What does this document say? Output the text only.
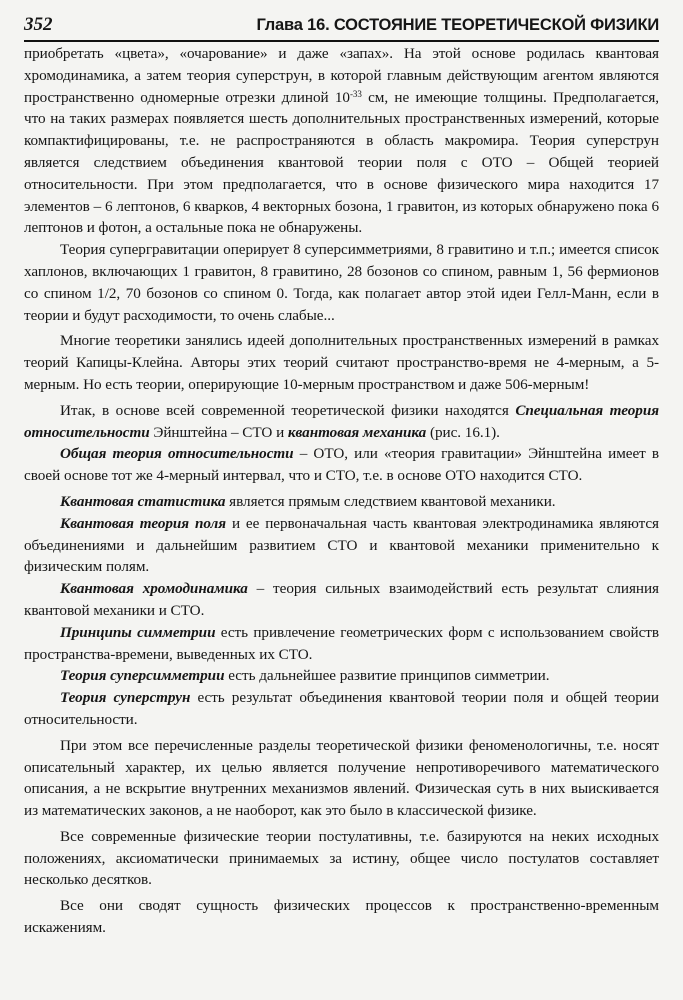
352	Глава 16. СОСТОЯНИЕ ТЕОРЕТИЧЕСКОЙ ФИЗИКИ

приобретать «цвета», «очарование» и даже «запах». На этой основе родилась квантовая хромодинамика, а затем теория суперструн, в которой главным действующим агентом являются пространственно одномерные отрезки длиной $10^{-33}$ см, не имеющие толщины. Предполагается, что на таких размерах появляется шесть дополнительных пространственных измерений, которые компактифицированы, т.е. не распространяются в область макромира. Теория суперструн является следствием объединения квантовой теории поля с ОТО – Общей теорией относительности. При этом предполагается, что в основе физического мира находится 17 элементов – 6 лептонов, 6 кварков, 4 векторных бозона, 1 гравитон, из которых обнаружено пока 6 лептонов и фотон, а остальные пока не обнаружены.

Теория супергравитации оперирует 8 суперсимметриями, 8 гравитино и т.п.; имеется список хаплонов, включающих 1 гравитон, 8 гравитино, 28 бозонов со спином, равным 1, 56 фермионов со спином 1/2, 70 бозонов со спином 0. Тогда, как полагает автор этой идеи Гелл-Манн, если в теории и будут расходимости, то очень слабые...

Многие теоретики занялись идеей дополнительных пространственных измерений в рамках теорий Капицы-Клейна. Авторы этих теорий считают пространство-время не 4-мерным, а 5-мерным. Но есть теории, оперирующие 10-мерным пространством и даже 506-мерным!

Итак, в основе всей современной теоретической физики находятся Специальная теория относительности Эйнштейна – СТО и квантовая механика (рис. 16.1).

Общая теория относительности – ОТО, или «теория гравитации» Эйнштейна имеет в своей основе тот же 4-мерный интервал, что и СТО, т.е. в основе ОТО находится СТО.

Квантовая статистика является прямым следствием квантовой механики.

Квантовая теория поля и ее первоначальная часть квантовая электродинамика являются объединениями и дальнейшим развитием СТО и квантовой механики применительно к физическим полям.

Квантовая хромодинамика – теория сильных взаимодействий есть результат слияния квантовой механики и СТО.

Принципы симметрии есть привлечение геометрических форм с использованием свойств пространства-времени, выведенных их СТО.

Теория суперсимметрии есть дальнейшее развитие принципов симметрии.

Теория суперструн есть результат объединения квантовой теории поля и общей теории относительности.

При этом все перечисленные разделы теоретической физики феноменологичны, т.е. носят описательный характер, их целью является получение непротиворечивого математического описания, а не вскрытие внутренних механизмов явлений. Физическая суть в них выискивается из математических законов, а не наоборот, как это было в классической физике.

Все современные физические теории постулативны, т.е. базируются на неких исходных положениях, аксиоматически принимаемых за истину, общее число постулатов составляет несколько десятков.

Все они сводят сущность физических процессов к пространственно-временным искажениям.
